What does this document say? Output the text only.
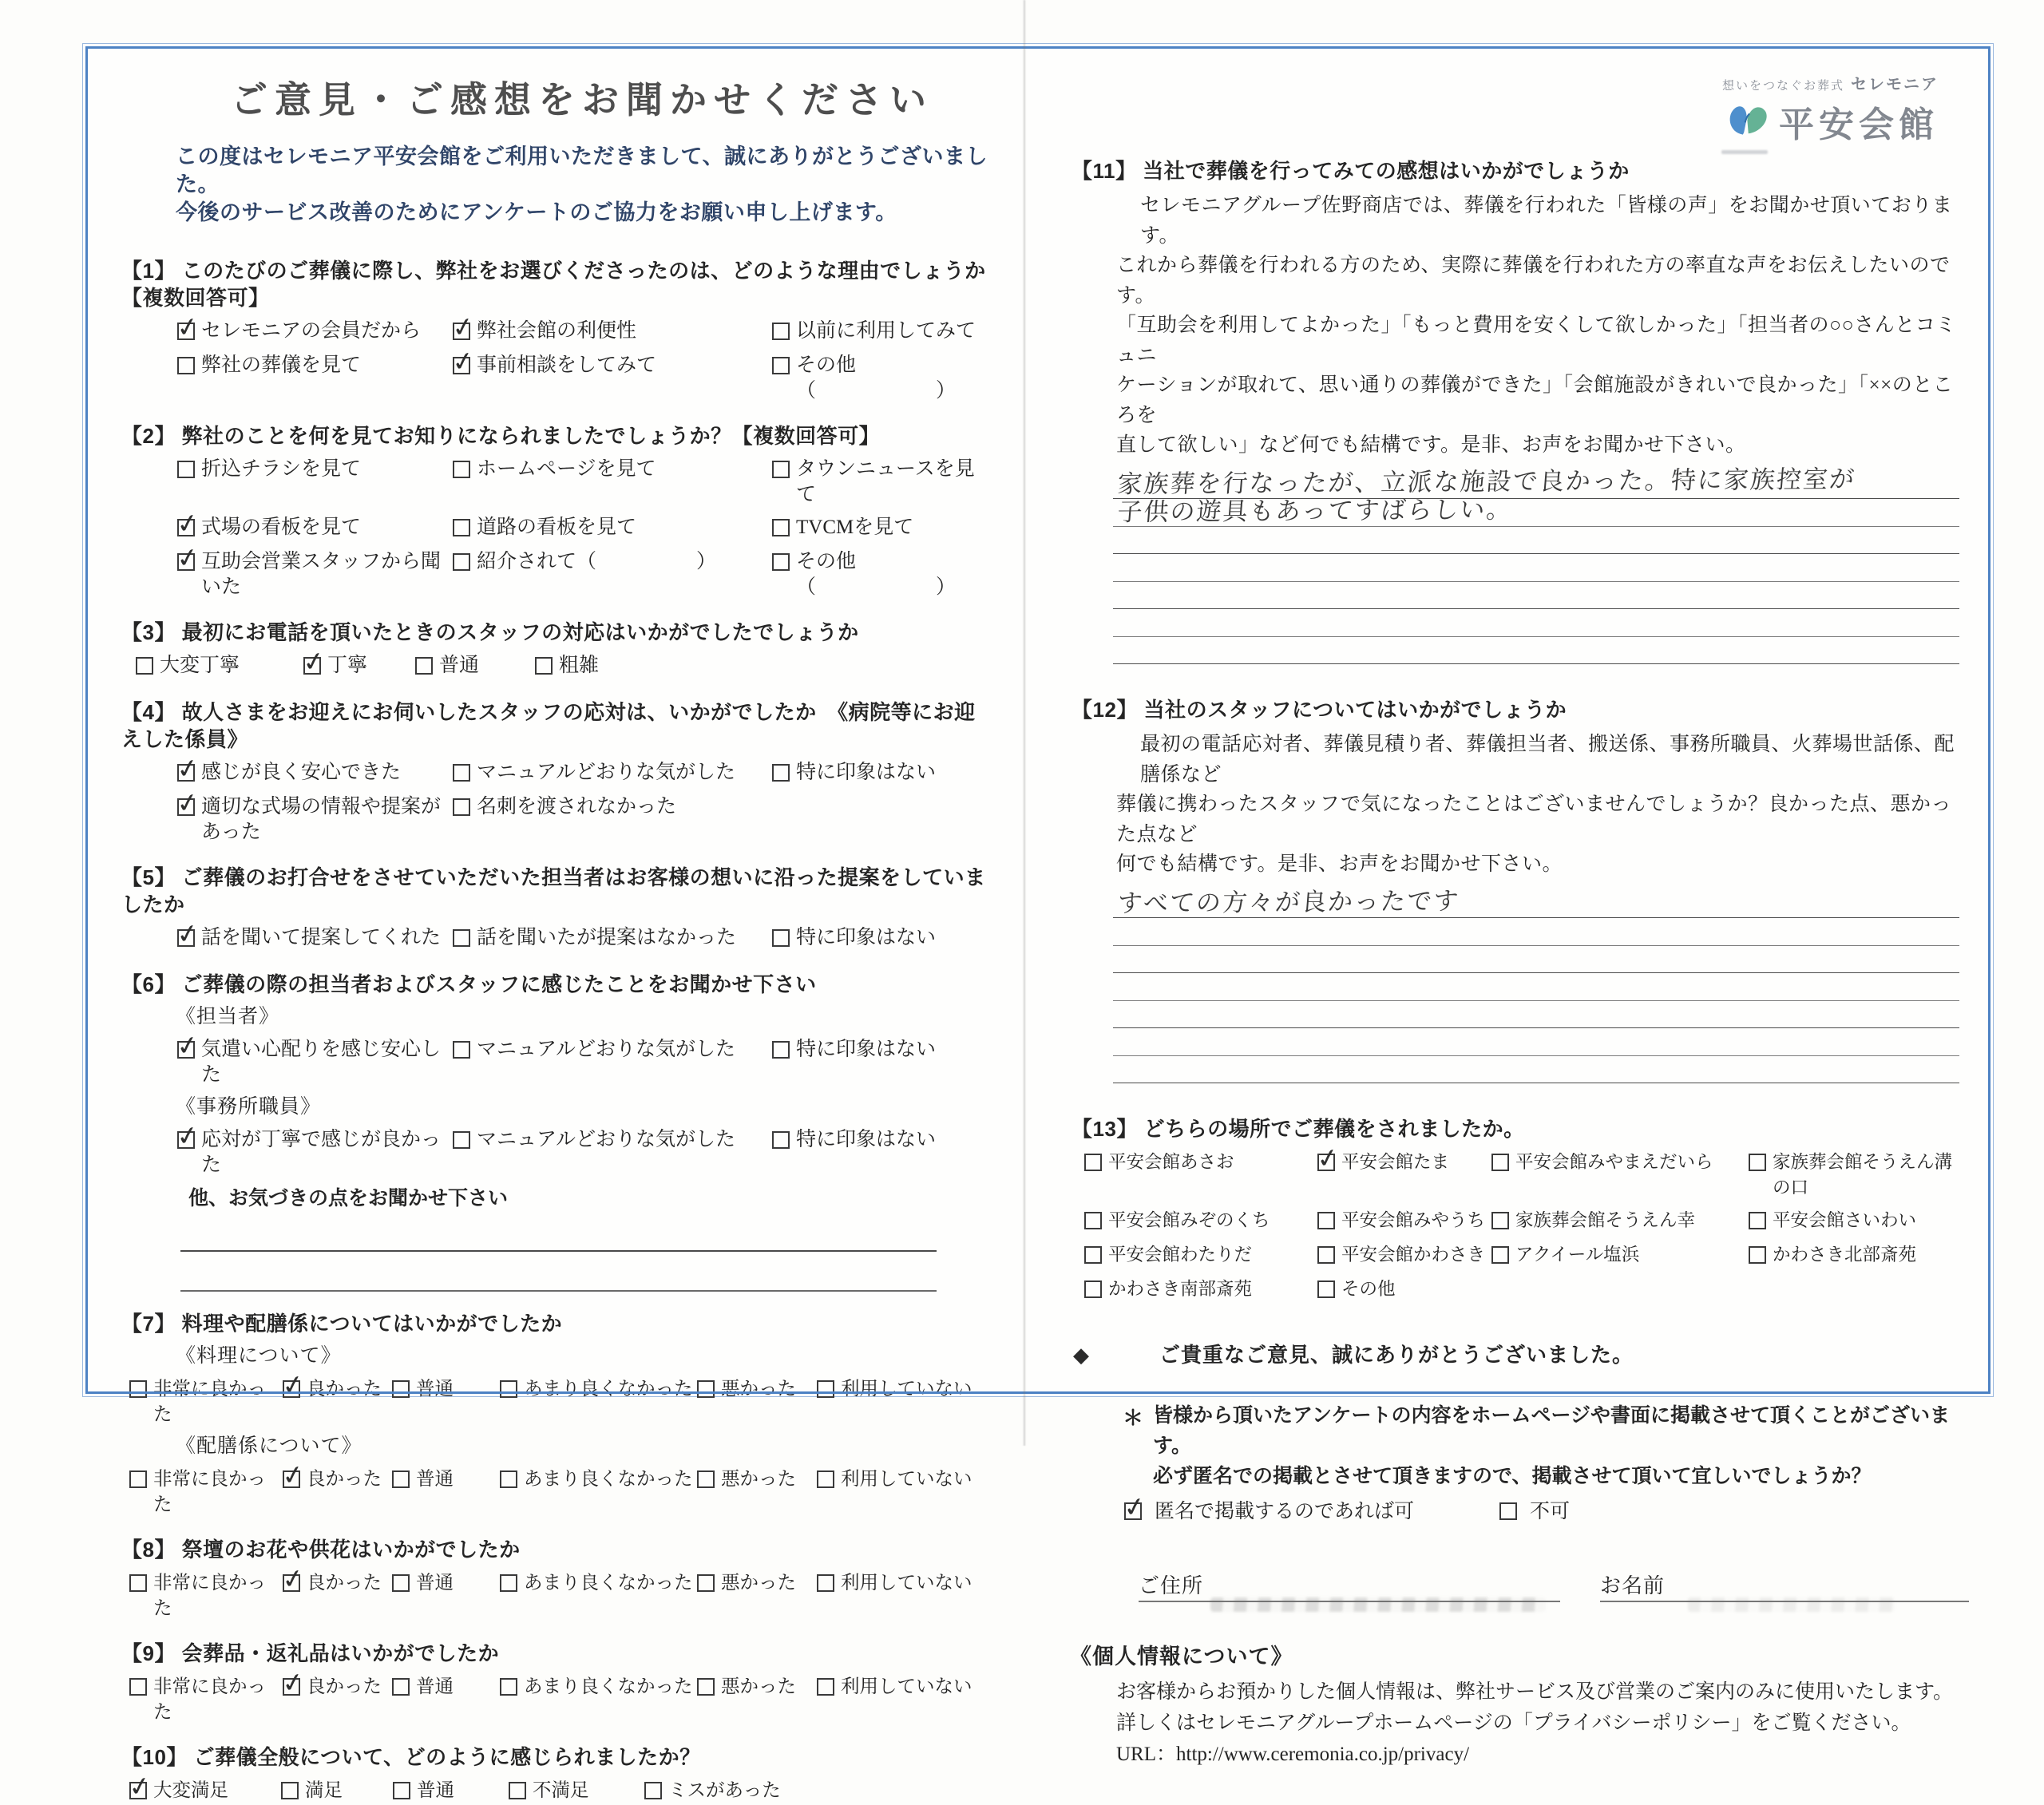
ご意見・ご感想をお聞かせください
この度はセレモニア平安会館をご利用いただきまして、誠にありがとうございました。
今後のサービス改善のためにアンケートのご協力をお願い申し上げます。
【1】 このたびのご葬儀に際し、弊社をお選びくださったのは、どのような理由でしょうか【複数回答可】
✓
セレモニアの会員だから ✓	弊社会館の利便性	以前に利用してみて
弊社の葬儀を見て ✓	事前相談をしてみて	その他（　　　　　　）
【2】 弊社のことを何を見てお知りになられましたでしょうか？【複数回答可】
折込チラシを見て	ホームページを見て	タウンニュースを見て
✓
式場の看板を見て	道路の看板を見て	TVCMを見て
✓
互助会営業スタッフから聞いた
紹介されて（　　　　　）	その他（　　　　　　）
【3】 最初にお電話を頂いたときのスタッフの対応はいかがでしたでしょうか
大変丁寧 ✓	丁寧	普通	粗雑
【4】 故人さまをお迎えにお伺いしたスタッフの応対は、いかがでしたか　《病院等にお迎えした係員》
✓
感じが良く安心できた	マニュアルどおりな気がした	特に印象はない
✓
適切な式場の情報や提案があった
名刺を渡されなかった
【5】 ご葬儀のお打合せをさせていただいた担当者はお客様の想いに沿った提案をしていましたか
✓
話を聞いて提案してくれた 話を聞いたが提案はなかった	特に印象はない
【6】 ご葬儀の際の担当者およびスタッフに感じたことをお聞かせ下さい
《担当者》
✓
気遣い心配りを感じ安心した
マニュアルどおりな気がした	特に印象はない
《事務所職員》
✓
応対が丁寧で感じが良かった
マニュアルどおりな気がした	特に印象はない
他、お気づきの点をお聞かせ下さい
【7】 料理や配膳係についてはいかがでしたか
《料理について》
非常に良かった
✓
良かった 普通	あまり良くなかった 悪かった 利用していない
《配膳係について》
非常に良かった
✓
良かった 普通	あまり良くなかった 悪かった 利用していない
【8】 祭壇のお花や供花はいかがでしたか
非常に良かった
✓
良かった 普通	あまり良くなかった 悪かった 利用していない
【9】 会葬品・返礼品はいかがでしたか
非常に良かった
✓
良かった 普通	あまり良くなかった 悪かった 利用していない
【10】 ご葬儀全般について、どのように感じられましたか？
✓
大変満足	満足	普通	不満足	ミスがあった
想いをつなぐお葬式 セレモニア
平安会館
【11】 当社で葬儀を行ってみての感想はいかがでしょうか
セレモニアグループ佐野商店では、葬儀を行われた「皆様の声」をお聞かせ頂いております。
これから葬儀を行われる方のため、実際に葬儀を行われた方の率直な声をお伝えしたいのです。
「互助会を利用してよかった」「もっと費用を安くして欲しかった」「担当者の○○さんとコミュニ
ケーションが取れて、思い通りの葬儀ができた」「会館施設がきれいで良かった」「××のところを
直して欲しい」など何でも結構です。是非、お声をお聞かせ下さい。
家族葬を行なったが、立派な施設で良かった。特に家族控室が
子供の遊具もあってすばらしい。
【12】 当社のスタッフについてはいかがでしょうか
最初の電話応対者、葬儀見積り者、葬儀担当者、搬送係、事務所職員、火葬場世話係、配膳係など
葬儀に携わったスタッフで気になったことはございませんでしょうか？良かった点、悪かった点など
何でも結構です。是非、お声をお聞かせ下さい。
すべての方々が良かったです
【13】 どちらの場所でご葬儀をされましたか。
平安会館あさお ✓	平安会館たま	平安会館みやまえだいら	家族葬会館そうえん溝の口
平安会館みぞのくち	平安会館みやうち 家族葬会館そうえん幸	平安会館さいわい
平安会館わたりだ	平安会館かわさき アクイール塩浜	かわさき北部斎苑
かわさき南部斎苑	その他
◆	ご貴重なご意見、誠にありがとうございました。
＊ 皆様から頂いたアンケートの内容をホームページや書面に掲載させて頂くことがございます。
必ず匿名での掲載とさせて頂きますので、掲載させて頂いて宜しいでしょうか？
✓
匿名で掲載するのであれば可	不可
ご住所	お名前
《個人情報について》
お客様からお預かりした個人情報は、弊社サービス及び営業のご案内のみに使用いたします。
詳しくはセレモニアグループホームページの「プライバシーポリシー」をご覧ください。
URL：http://www.ceremonia.co.jp/privacy/
